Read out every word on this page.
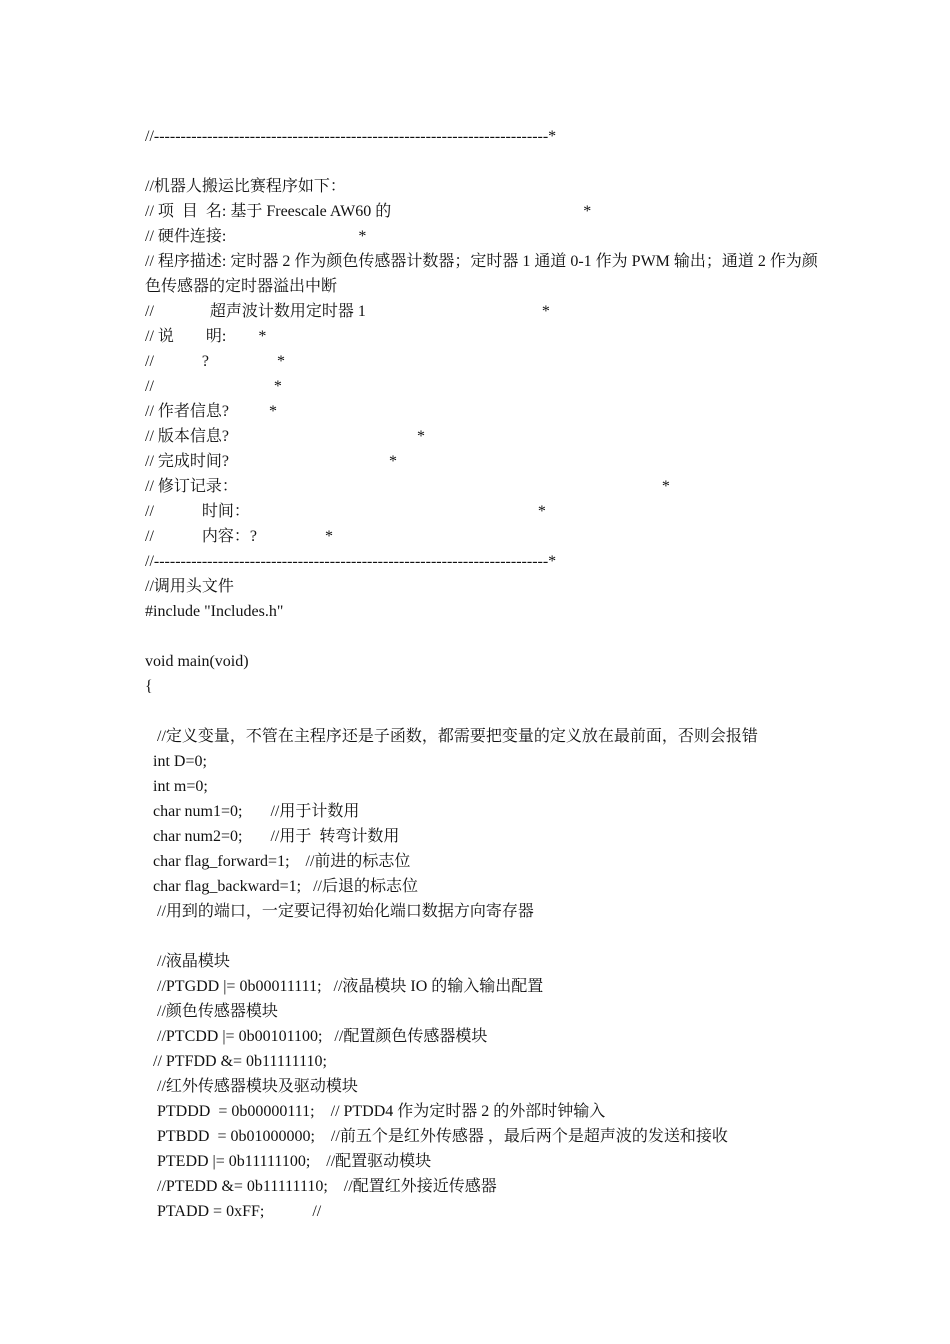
//--------------------------------------------------------------------------*
//机器人搬运比赛程序如下：
// 项  目  名: 基于 Freescale AW60 的                                                *
// 硬件连接:                                 *
// 程序描述: 定时器 2 作为颜色传感器计数器；定时器 1 通道 0-1 作为 PWM 输出；通道 2 作为颜色传感器的定时器溢出中断
//              超声波计数用定时器 1                                            *
// 说        明:        *
//            ?                 *
//                              *
// 作者信息?          *
// 版本信息?                                               *
// 完成时间?                                        *
// 修订记录：                                                                                                          *
//            时间：                                                                        *
//            内容：?                 *
//--------------------------------------------------------------------------*
//调用头文件
#include "Includes.h"
void main(void)
{
//定义变量，不管在主程序还是子函数，都需要把变量的定义放在最前面，否则会报错
int D=0;
int m=0;
char num1=0;       //用于计数用
char num2=0;       //用于  转弯计数用
char flag_forward=1;    //前进的标志位
char flag_backward=1;   //后退的标志位
//用到的端口，一定要记得初始化端口数据方向寄存器
//液晶模块
//PTGDD |= 0b00011111;   //液晶模块 IO 的输入输出配置
//颜色传感器模块
//PTCDD |= 0b00101100;   //配置颜色传感器模块
// PTFDD &= 0b11111110;
//红外传感器模块及驱动模块
PTDDD  = 0b00000111;    // PTDD4 作为定时器 2 的外部时钟输入
PTBDD  = 0b01000000;    //前五个是红外传感器 ，最后两个是超声波的发送和接收
PTEDD |= 0b11111100;    //配置驱动模块
//PTEDD &= 0b11111110;    //配置红外接近传感器
PTADD = 0xFF;            //
